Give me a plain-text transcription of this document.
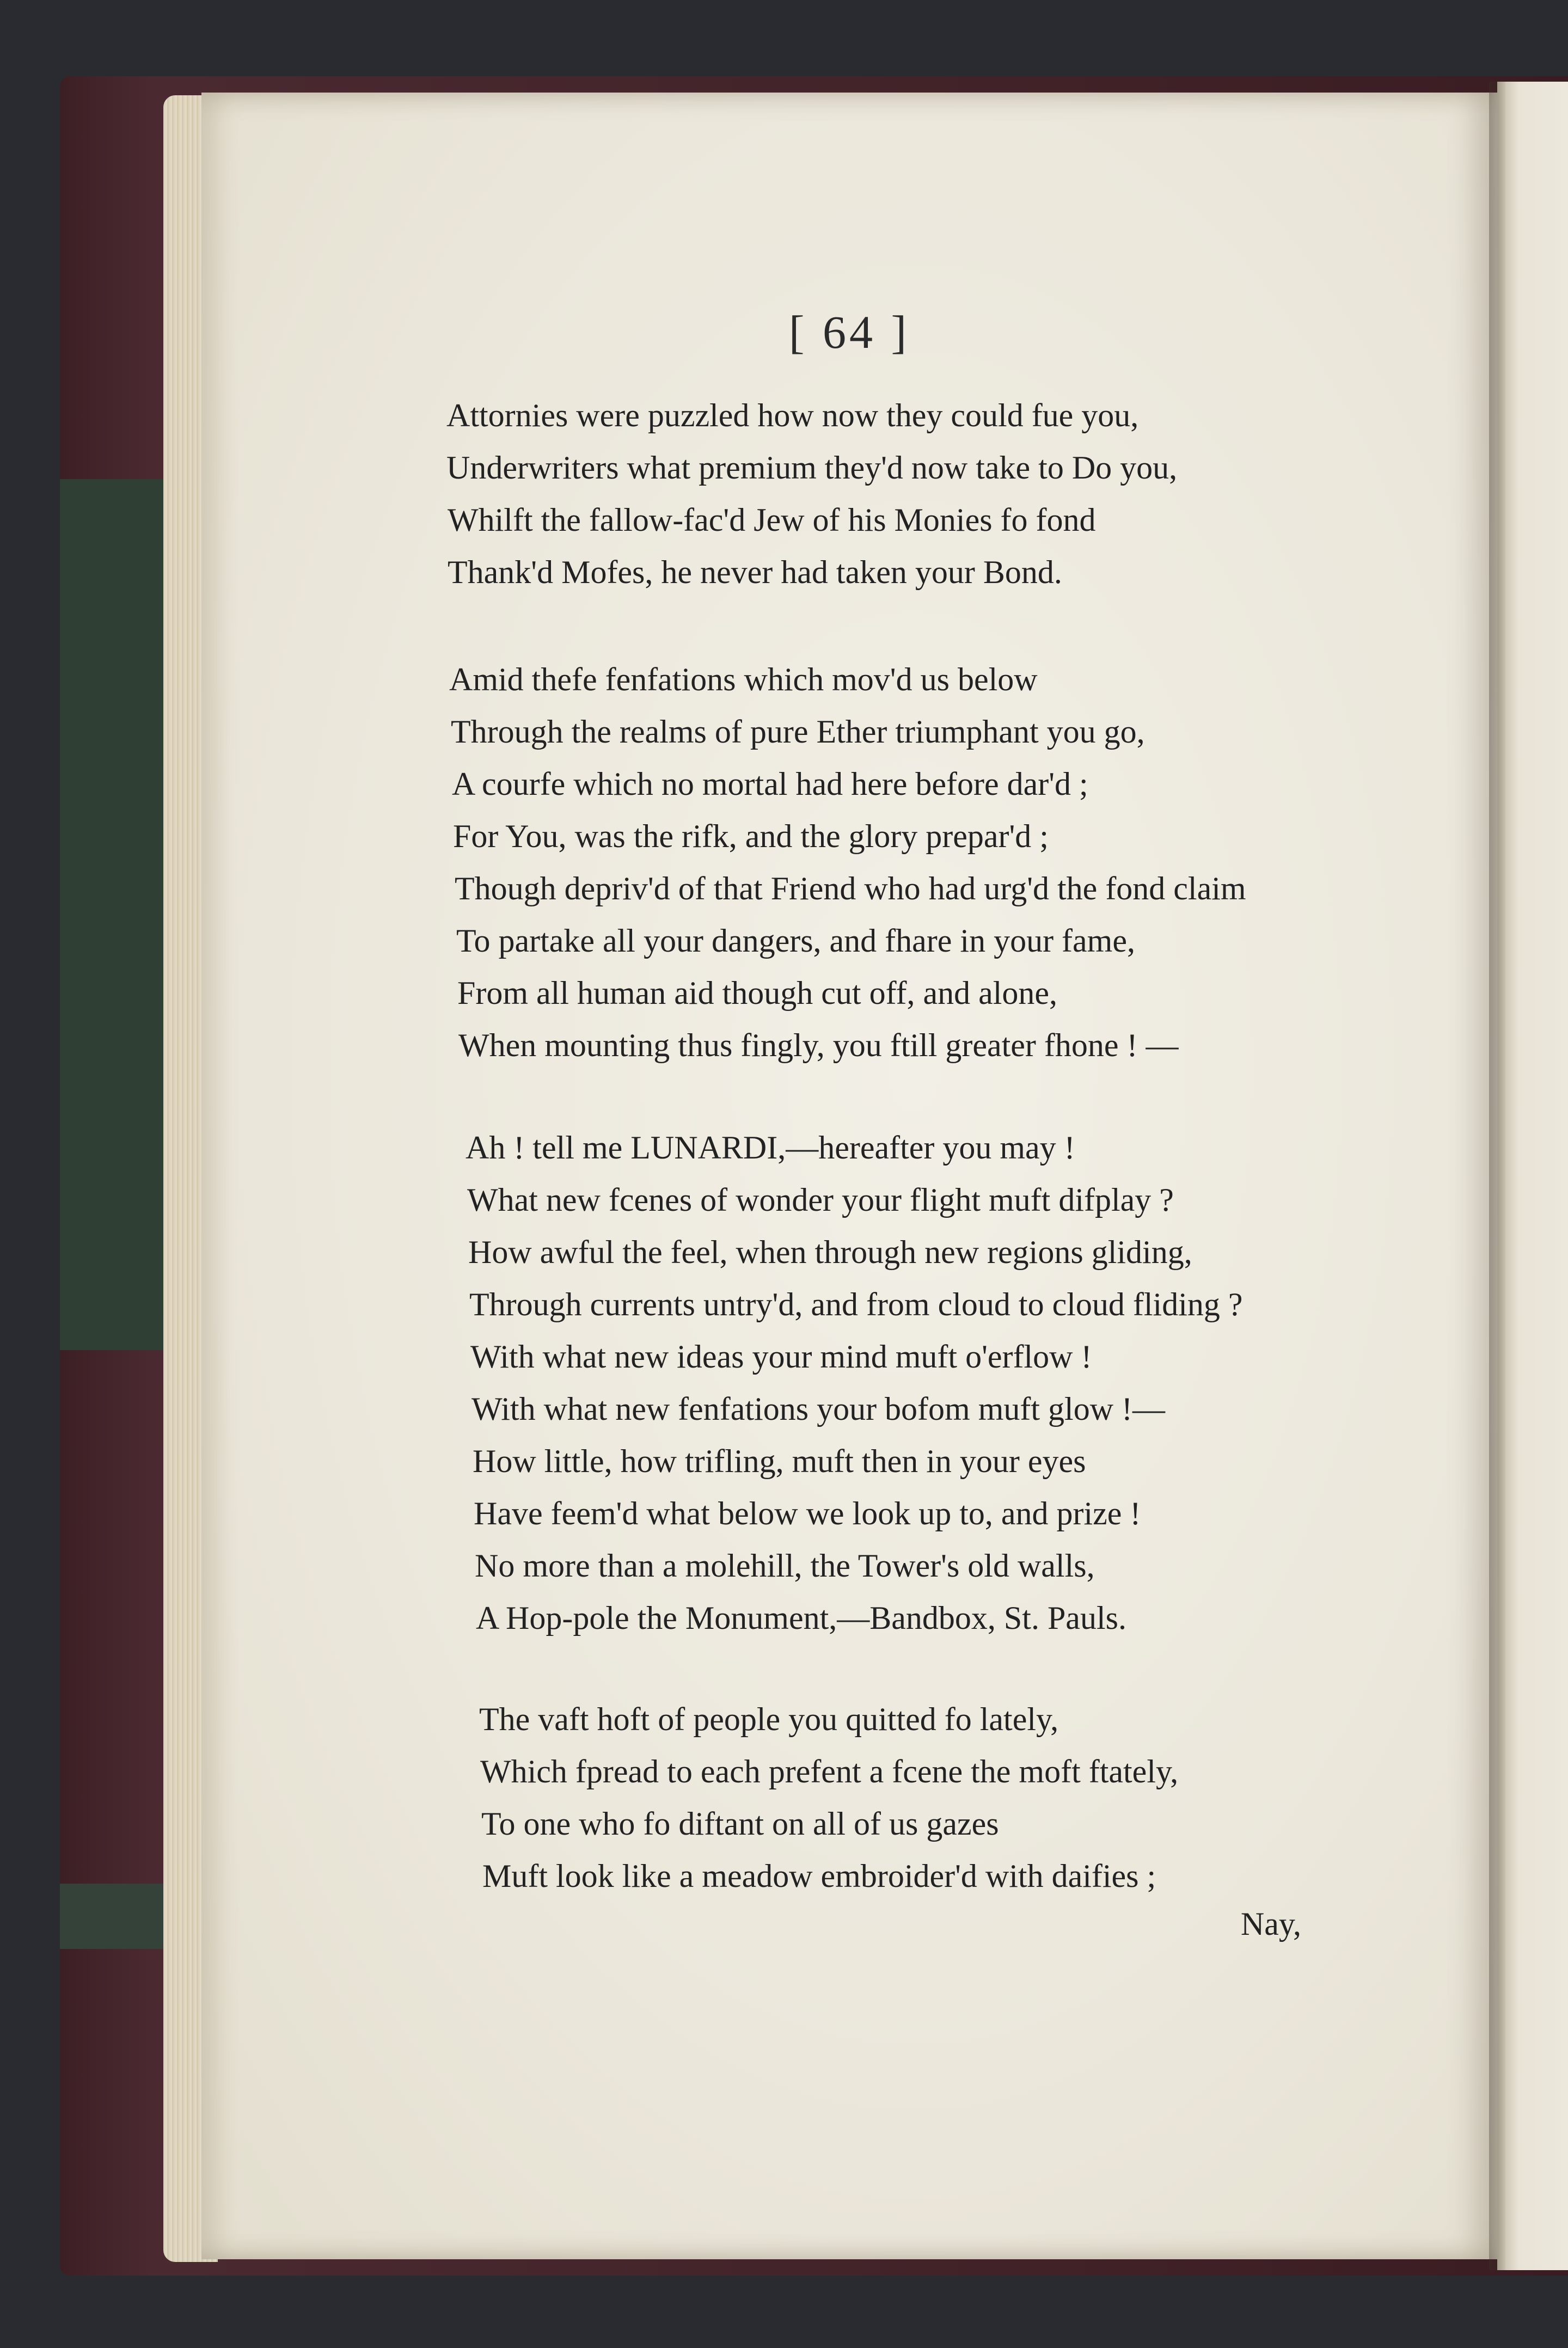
[ 64 ]
Attornies were puzzled how now they could fue you,
Underwriters what premium they'd now take to Do you,
Whilft the fallow-fac'd Jew of his Monies fo fond
Thank'd Mofes, he never had taken your Bond.
Amid thefe fenfations which mov'd us below
Through the realms of pure Ether triumphant you go,
A courfe which no mortal had here before dar'd ;
For You, was the rifk, and the glory prepar'd ;
Though depriv'd of that Friend who had urg'd the fond claim
To partake all your dangers, and fhare in your fame,
From all human aid though cut off, and alone,
When mounting thus fingly, you ftill greater fhone ! —
Ah ! tell me LUNARDI,—hereafter you may !
What new fcenes of wonder your flight muft difplay ?
How awful the feel, when through new regions gliding,
Through currents untry'd, and from cloud to cloud fliding ?
With what new ideas your mind muft o'erflow !
With what new fenfations your bofom muft glow !—
How little, how trifling, muft then in your eyes
Have feem'd what below we look up to, and prize !
No more than a molehill, the Tower's old walls,
A Hop-pole the Monument,—Bandbox, St. Pauls.
The vaft hoft of people you quitted fo lately,
Which fpread to each prefent a fcene the moft ftately,
To one who fo diftant on all of us gazes
Muft look like a meadow embroider'd with daifies ;
Nay,
